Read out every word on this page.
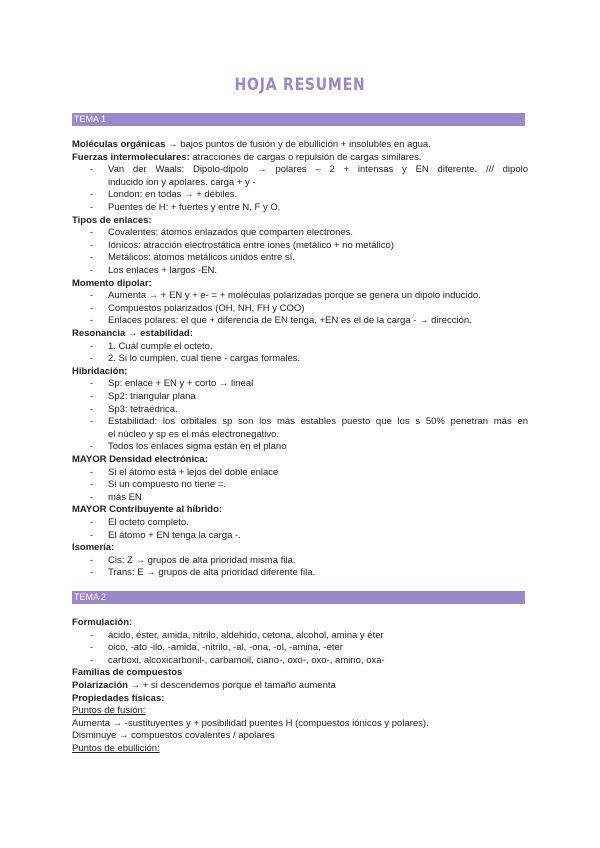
HOJA RESUMEN
TEMA 1
Moléculas orgánicas → bajos puntos de fusión y de ebullición + insolubles en agua.
Fuerzas intermoleculares: atracciones de cargas o repulsión de cargas similares.
- Van der Waals: Dipolo-dipolo → polares – 2 + intensas y EN diferente. /// dipolo
inducido ion y apolares. carga + y -
- London: en todas → + débiles.
- Puentes de H: + fuertes y entre N, F y O.
Tipos de enlaces:
- Covalentes: átomos enlazados que comparten electrones.
- Iónicos: atracción electrostática entre iones (metálico + no metálico)
- Metálicos: átomos metálicos unidos entre sí.
- Los enlaces + largos -EN.
Momento dipolar:
- Aumenta → + EN y + e- = + moléculas polarizadas porque se genera un dipolo inducido.
- Compuestos polarizados (OH, NH, FH y COO)
- Enlaces polares: el que + diferencia de EN tenga, +EN es el de la carga - → dirección.
Resonancia → estabilidad:
- 1. Cuál cumple el octeto.
- 2. Si lo cumplen, cual tiene - cargas formales.
Hibridación:
- Sp: enlace + EN y + corto → lineal
- Sp2: triangular plana
- Sp3: tetraédrica.
- Estabilidad: los orbitales sp son los más estables puesto que los s 50% penetran más en
el núcleo y sp es el más electronegativo.
- Todos los enlaces sigma están en el plano
MAYOR Densidad electrónica:
- Si el átomo está + lejos del doble enlace
- Si un compuesto no tiene =.
- más EN
MAYOR Contribuyente al híbrido:
- El octeto completo.
- El átomo + EN tenga la carga -.
Isomería:
- Cis: Z → grupos de alta prioridad misma fila.
- Trans: E → grupos de alta prioridad diferente fila.
TEMA 2
Formulación:
- ácido, éster, amida, nitrilo, aldehido, cetona, alcohol, amina y éter
- oico, -ato -ilo, -amida, -nitrilo, -al, -ona, -ol, -amina, -eter
- carboxi, alcoxicarbonil-, carbamoil, ciano-, oxo-, oxo-, amino, oxa-
Familias de compuestos
Polarización → + si descendemos porque el tamaño aumenta
Propiedades físicas:
Puntos de fusión:
Aumenta → -sustituyentes y + posibilidad puentes H (compuestos iónicos y polares).
Disminuye → compuestos covalentes / apolares
Puntos de ebullición:
